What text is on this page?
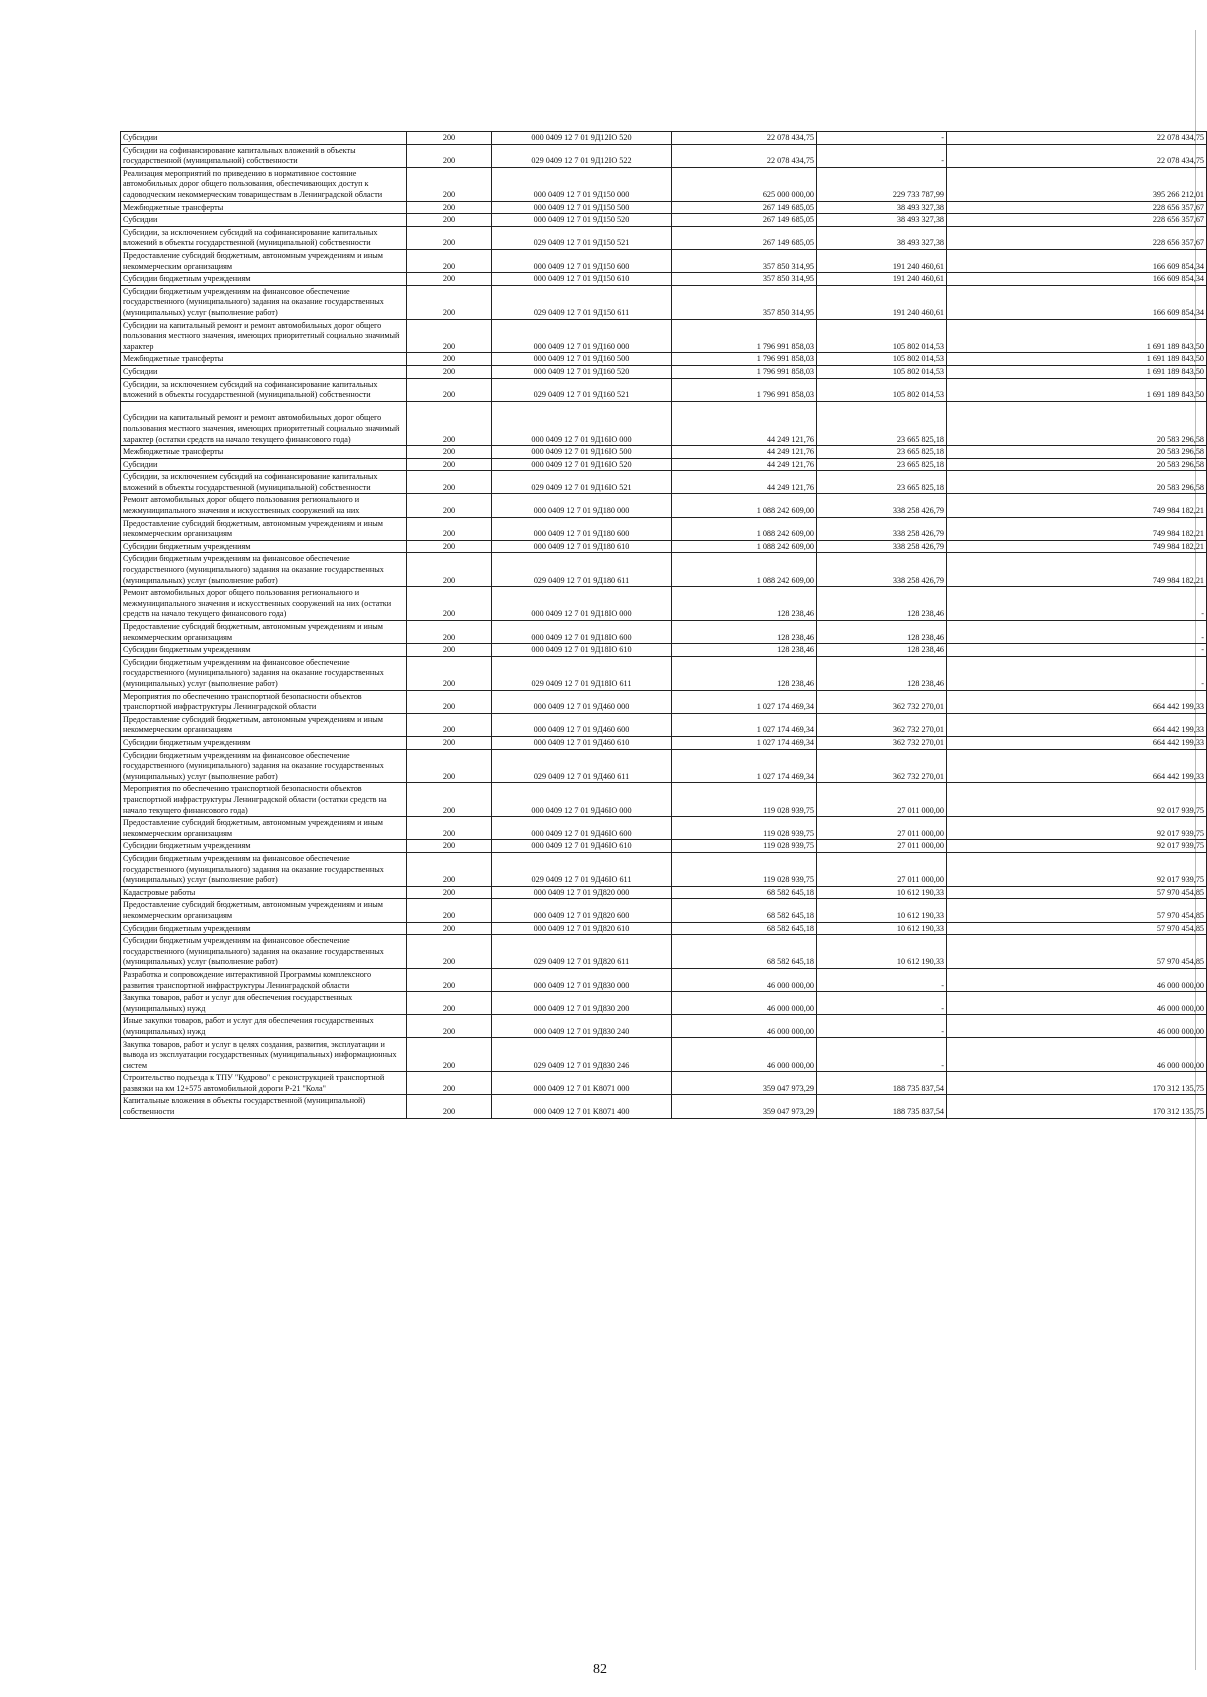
Субсидии	200	000 0409 12 7 01 9Д12IO 520	22 078 434,75	-	22 078 434,75
Субсидии на софинансирование капитальных вложений в объекты государственной (муниципальной) собственности	200	029 0409 12 7 01 9Д12IO 522	22 078 434,75	-	22 078 434,75
Реализация мероприятий по приведению в нормативное состояние автомобильных дорог общего пользования, обеспечивающих доступ к садоводческим некоммерческим товариществам в Ленинградской области	200	000 0409 12 7 01 9Д150 000	625 000 000,00	229 733 787,99	395 266 212,01
Межбюджетные трансферты	200	000 0409 12 7 01 9Д150 500	267 149 685,05	38 493 327,38	228 656 357,67
Субсидии	200	000 0409 12 7 01 9Д150 520	267 149 685,05	38 493 327,38	228 656 357,67
Субсидии, за исключением субсидий на софинансирование капитальных вложений в объекты государственной (муниципальной) собственности	200	029 0409 12 7 01 9Д150 521	267 149 685,05	38 493 327,38	228 656 357,67
Предоставление субсидий бюджетным, автономным учреждениям и иным некоммерческим организациям	200	000 0409 12 7 01 9Д150 600	357 850 314,95	191 240 460,61	166 609 854,34
Субсидии бюджетным учреждениям	200	000 0409 12 7 01 9Д150 610	357 850 314,95	191 240 460,61	166 609 854,34
Субсидии бюджетным учреждениям на финансовое обеспечение государственного (муниципального) задания на оказание государственных (муниципальных) услуг (выполнение работ)	200	029 0409 12 7 01 9Д150 611	357 850 314,95	191 240 460,61	166 609 854,34
Субсидии на капитальный ремонт и ремонт автомобильных дорог общего пользования местного значения, имеющих приоритетный социально значимый характер	200	000 0409 12 7 01 9Д160 000	1 796 991 858,03	105 802 014,53	1 691 189 843,50
Межбюджетные трансферты	200	000 0409 12 7 01 9Д160 500	1 796 991 858,03	105 802 014,53	1 691 189 843,50
Субсидии	200	000 0409 12 7 01 9Д160 520	1 796 991 858,03	105 802 014,53	1 691 189 843,50
Субсидии, за исключением субсидий на софинансирование капитальных вложений в объекты государственной (муниципальной) собственности	200	029 0409 12 7 01 9Д160 521	1 796 991 858,03	105 802 014,53	1 691 189 843,50
Субсидии на капитальный ремонт и ремонт автомобильных дорог общего пользования местного значения, имеющих приоритетный социально значимый характер (остатки средств на начало текущего финансового года)	200	000 0409 12 7 01 9Д16IO 000	44 249 121,76	23 665 825,18	20 583 296,58
Межбюджетные трансферты	200	000 0409 12 7 01 9Д16IO 500	44 249 121,76	23 665 825,18	20 583 296,58
Субсидии	200	000 0409 12 7 01 9Д16IO 520	44 249 121,76	23 665 825,18	20 583 296,58
Субсидии, за исключением субсидий на софинансирование капитальных вложений в объекты государственной (муниципальной) собственности	200	029 0409 12 7 01 9Д16IO 521	44 249 121,76	23 665 825,18	20 583 296,58
Ремонт автомобильных дорог общего пользования регионального и межмуниципального значения и искусственных сооружений на них	200	000 0409 12 7 01 9Д180 000	1 088 242 609,00	338 258 426,79	749 984 182,21
Предоставление субсидий бюджетным, автономным учреждениям и иным некоммерческим организациям	200	000 0409 12 7 01 9Д180 600	1 088 242 609,00	338 258 426,79	749 984 182,21
Субсидии бюджетным учреждениям	200	000 0409 12 7 01 9Д180 610	1 088 242 609,00	338 258 426,79	749 984 182,21
Субсидии бюджетным учреждениям на финансовое обеспечение государственного (муниципального) задания на оказание государственных (муниципальных) услуг (выполнение работ)	200	029 0409 12 7 01 9Д180 611	1 088 242 609,00	338 258 426,79	749 984 182,21
Ремонт автомобильных дорог общего пользования регионального и межмуниципального значения и искусственных сооружений на них (остатки средств на начало текущего финансового года)	200	000 0409 12 7 01 9Д18IO 000	128 238,46	128 238,46	-
Предоставление субсидий бюджетным, автономным учреждениям и иным некоммерческим организациям	200	000 0409 12 7 01 9Д18IO 600	128 238,46	128 238,46	-
Субсидии бюджетным учреждениям	200	000 0409 12 7 01 9Д18IO 610	128 238,46	128 238,46	-
Субсидии бюджетным учреждениям на финансовое обеспечение государственного (муниципального) задания на оказание государственных (муниципальных) услуг (выполнение работ)	200	029 0409 12 7 01 9Д18IO 611	128 238,46	128 238,46	-
Мероприятия по обеспечению транспортной безопасности объектов транспортной инфраструктуры Ленинградской области	200	000 0409 12 7 01 9Д460 000	1 027 174 469,34	362 732 270,01	664 442 199,33
Предоставление субсидий бюджетным, автономным учреждениям и иным некоммерческим организациям	200	000 0409 12 7 01 9Д460 600	1 027 174 469,34	362 732 270,01	664 442 199,33
Субсидии бюджетным учреждениям	200	000 0409 12 7 01 9Д460 610	1 027 174 469,34	362 732 270,01	664 442 199,33
Субсидии бюджетным учреждениям на финансовое обеспечение государственного (муниципального) задания на оказание государственных (муниципальных) услуг (выполнение работ)	200	029 0409 12 7 01 9Д460 611	1 027 174 469,34	362 732 270,01	664 442 199,33
Мероприятия по обеспечению транспортной безопасности объектов транспортной инфраструктуры Ленинградской области (остатки средств на начало текущего финансового года)	200	000 0409 12 7 01 9Д46IO 000	119 028 939,75	27 011 000,00	92 017 939,75
Предоставление субсидий бюджетным, автономным учреждениям и иным некоммерческим организациям	200	000 0409 12 7 01 9Д46IO 600	119 028 939,75	27 011 000,00	92 017 939,75
Субсидии бюджетным учреждениям	200	000 0409 12 7 01 9Д46IO 610	119 028 939,75	27 011 000,00	92 017 939,75
Субсидии бюджетным учреждениям на финансовое обеспечение государственного (муниципального) задания на оказание государственных (муниципальных) услуг (выполнение работ)	200	029 0409 12 7 01 9Д46IO 611	119 028 939,75	27 011 000,00	92 017 939,75
Кадастровые работы	200	000 0409 12 7 01 9Д820 000	68 582 645,18	10 612 190,33	57 970 454,85
Предоставление субсидий бюджетным, автономным учреждениям и иным некоммерческим организациям	200	000 0409 12 7 01 9Д820 600	68 582 645,18	10 612 190,33	57 970 454,85
Субсидии бюджетным учреждениям	200	000 0409 12 7 01 9Д820 610	68 582 645,18	10 612 190,33	57 970 454,85
Субсидии бюджетным учреждениям на финансовое обеспечение государственного (муниципального) задания на оказание государственных (муниципальных) услуг (выполнение работ)	200	029 0409 12 7 01 9Д820 611	68 582 645,18	10 612 190,33	57 970 454,85
Разработка и сопровождение интерактивной Программы комплексного развития транспортной инфраструктуры Ленинградской области	200	000 0409 12 7 01 9Д830 000	46 000 000,00	-	46 000 000,00
Закупка товаров, работ и услуг для обеспечения государственных (муниципальных) нужд	200	000 0409 12 7 01 9Д830 200	46 000 000,00	-	46 000 000,00
Иные закупки товаров, работ и услуг для обеспечения государственных (муниципальных) нужд	200	000 0409 12 7 01 9Д830 240	46 000 000,00	-	46 000 000,00
Закупка товаров, работ и услуг в целях создания, развития, эксплуатации и вывода из эксплуатации государственных (муниципальных) информационных систем	200	029 0409 12 7 01 9Д830 246	46 000 000,00	-	46 000 000,00
Строительство подъезда к ТПУ "Кудрово" с реконструкцией транспортной развязки на км 12+575 автомобильной дороги Р-21 "Кола"	200	000 0409 12 7 01 K8071 000	359 047 973,29	188 735 837,54	170 312 135,75
Капитальные вложения в объекты государственной (муниципальной) собственности	200	000 0409 12 7 01 K8071 400	359 047 973,29	188 735 837,54	170 312 135,75
82
